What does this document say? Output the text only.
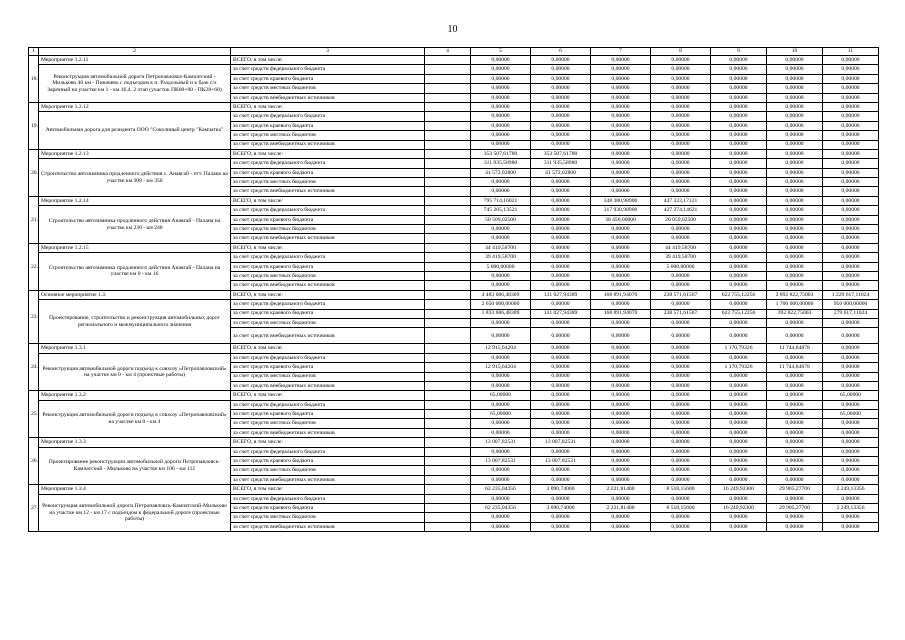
10
1	2	3	4	5	6	7	8	9	10	11
18.	Мероприятие 1.2.11	ВСЕГО, в том числе:		0,00000	0,00000	0,00000	0,00000	0,00000	0,00000	0,00000
	Реконструкция автомобильной дороги Петропавловск-Камчатский - Мильково 40 км - Пиначево с подъездом к п. Раздольный и к базе с/х Заречный на участке км 1 - км 16,4. 2 этап (участок ПК00+00 - ПК28+60)	за счет средств федерального бюджета		0,00000	0,00000	0,00000	0,00000	0,00000	0,00000	0,00000
		за счет средств краевого бюджета		0,00000	0,00000	0,00000	0,00000	0,00000	0,00000	0,00000
		за счет средств местных бюджетов		0,00000	0,00000	0,00000	0,00000	0,00000	0,00000	0,00000
		за счет средств внебюджетных источников		0,00000	0,00000	0,00000	0,00000	0,00000	0,00000	0,00000
19.	Мероприятие 1.2.12	ВСЕГО, в том числе:		0,00000	0,00000	0,00000	0,00000	0,00000	0,00000	0,00000
	Автомобильная дорога для резидента ООО "Соколиный центр "Камчатка"	за счет средств федерального бюджета		0,00000	0,00000	0,00000	0,00000	0,00000	0,00000	0,00000
		за счет средств краевого бюджета		0,00000	0,00000	0,00000	0,00000	0,00000	0,00000	0,00000
		за счет средств местных бюджетов		0,00000	0,00000	0,00000	0,00000	0,00000	0,00000	0,00000
		за счет средств внебюджетных источников		0,00000	0,00000	0,00000	0,00000	0,00000	0,00000	0,00000
20.	Мероприятие 1.2.13	ВСЕГО, в том числе:		353 507,61780	353 507,61780	0,00000	0,00000	0,00000	0,00000	0,00000
	Строительство автозимника продленного действия с. Анавгай - пгт. Палана на участке км 308 - км 350	за счет средств федерального бюджета		311 935,58980	311 935,58980	0,00000	0,00000	0,00000	0,00000	0,00000
		за счет средств краевого бюджета		41 572,02800	41 572,02800	0,00000	0,00000	0,00000	0,00000	0,00000
		за счет средств местных бюджетов		0,00000	0,00000	0,00000	0,00000	0,00000	0,00000	0,00000
		за счет средств внебюджетных источников		0,00000	0,00000	0,00000	0,00000	0,00000	0,00000	0,00000
21.	Мероприятие 1.2.14	ВСЕГО, в том числе:		795 714,16021	0,00000	348 380,98900	447 333,17121	0,00000	0,00000	0,00000
	Строительство автозимника продленного действия Анавгай - Палана на участке км 230 - км 240	за счет средств федерального бюджета		745 205,13521	0,00000	317 930,98900	427 274,14621	0,00000	0,00000	0,00000
		за счет средств краевого бюджета		50 509,02500	0,00000	30 450,00000	20 059,02500	0,00000	0,00000	0,00000
		за счет средств местных бюджетов		0,00000	0,00000	0,00000	0,00000	0,00000	0,00000	0,00000
		за счет средств внебюджетных источников		0,00000	0,00000	0,00000	0,00000	0,00000	0,00000	0,00000
22.	Мероприятие 1.2.15	ВСЕГО, в том числе:		44 419,58700	0,00000	0,00000	44 419,58700	0,00000	0,00000	0,00000
	Строительство автозимника продленного действия Анавгай - Палана на участке км 0 - км 16	за счет средств федерального бюджета		39 419,58700	0,00000	0,00000	39 419,58700	0,00000	0,00000	0,00000
		за счет средств краевого бюджета		5 000,00000	0,00000	0,00000	5 000,00000	0,00000	0,00000	0,00000
		за счет средств местных бюджетов		0,00000	0,00000	0,00000	0,00000	0,00000	0,00000	0,00000
		за счет средств внебюджетных источников		0,00000	0,00000	0,00000	0,00000	0,00000	0,00000	0,00000
23.	Основное мероприятие 1.3.	ВСЕГО, в том числе:		4 483 686,48309	131 027,94389	168 891,94070	238 571,61567	622 755,12256	2 092 822,75003	1 229 617,11024
	Проектирование, строительство и реконструкция автомобильных дорог регионального и межмуниципального значения	за счет средств федерального бюджета		2 650 000,00000	0,00000	0,00000	0,00000	0,00000	1 700 000,00000	950 000,00000
		за счет средств краевого бюджета		1 833 686,48309	131 027,94389	168 891,94070	238 571,61567	622 755,12256	392 822,75003	279 617,11024
		за счет средств местных бюджетов		0,00000	0,00000	0,00000	0,00000	0,00000	0,00000	0,00000
		за счет средств внебюджетных источников		0,00000	0,00000	0,00000	0,00000	0,00000	0,00000	0,00000
24.	Мероприятие 1.3.1	ВСЕГО, в том числе:		12 915,64204	0,00000	0,00000	0,00000	1 170,79326	11 744,84878	0,00000
	Реконструкция автомобильной дороги подъезд к совхозу «Петропавловский» на участке км 0 - км 4 (проектные работы)	за счет средств федерального бюджета		0,00000	0,00000	0,00000	0,00000	0,00000	0,00000	0,00000
		за счет средств краевого бюджета		12 915,64204	0,00000	0,00000	0,00000	1 170,79326	11 744,84878	0,00000
		за счет средств местных бюджетов		0,00000	0,00000	0,00000	0,00000	0,00000	0,00000	0,00000
		за счет средств внебюджетных источников		0,00000	0,00000	0,00000	0,00000	0,00000	0,00000	0,00000
25.	Мероприятие 1.3.2	ВСЕГО, в том числе:		65,00000	0,00000	0,00000	0,00000	0,00000	0,00000	65,00000
	Реконструкция автомобильной дороги подъезд к совхозу «Петропавловский» на участке км 0 - км 4	за счет средств федерального бюджета		0,00000	0,00000	0,00000	0,00000	0,00000	0,00000	0,00000
		за счет средств краевого бюджета		65,00000	0,00000	0,00000	0,00000	0,00000	0,00000	65,00000
		за счет средств местных бюджетов		0,00000	0,00000	0,00000	0,00000	0,00000	0,00000	0,00000
		за счет средств внебюджетных источников		0,00000	0,00000	0,00000	0,00000	0,00000	0,00000	0,00000
26.	Мероприятие 1.3.3	ВСЕГО, в том числе:		13 007,82531	13 007,82531	0,00000	0,00000	0,00000	0,00000	0,00000
	Проектирование реконструкции автомобильной дороги Петропавловск-Камчатский - Мильково на участке км 106 - км 112	за счет средств федерального бюджета		0,00000	0,00000	0,00000	0,00000	0,00000	0,00000	0,00000
		за счет средств краевого бюджета		13 007,82531	13 007,82531	0,00000	0,00000	0,00000	0,00000	0,00000
		за счет средств местных бюджетов		0,00000	0,00000	0,00000	0,00000	0,00000	0,00000	0,00000
		за счет средств внебюджетных источников		0,00000	0,00000	0,00000	0,00000	0,00000	0,00000	0,00000
27.	Мероприятие 1.3.4	ВСЕГО, в том числе:		62 235,04356	3 090,74000	2 221,81400	8 518,15600	16 249,92300	29 905,27700	2 249,13356
	Реконструкция автомобильной дороги Петропавловск-Камчатский-Мильково на участке км 12 - км 17 с подъездом к федеральной дороге (проектные работы)	за счет средств федерального бюджета		0,00000	0,00000	0,00000	0,00000	0,00000	0,00000	0,00000
		за счет средств краевого бюджета		62 235,04356	3 090,74000	2 221,81400	8 518,15600	16 249,92300	29 905,27700	2 249,13356
		за счет средств местных бюджетов		0,00000	0,00000	0,00000	0,00000	0,00000	0,00000	0,00000
		за счет средств внебюджетных источников		0,00000	0,00000	0,00000	0,00000	0,00000	0,00000	0,00000
